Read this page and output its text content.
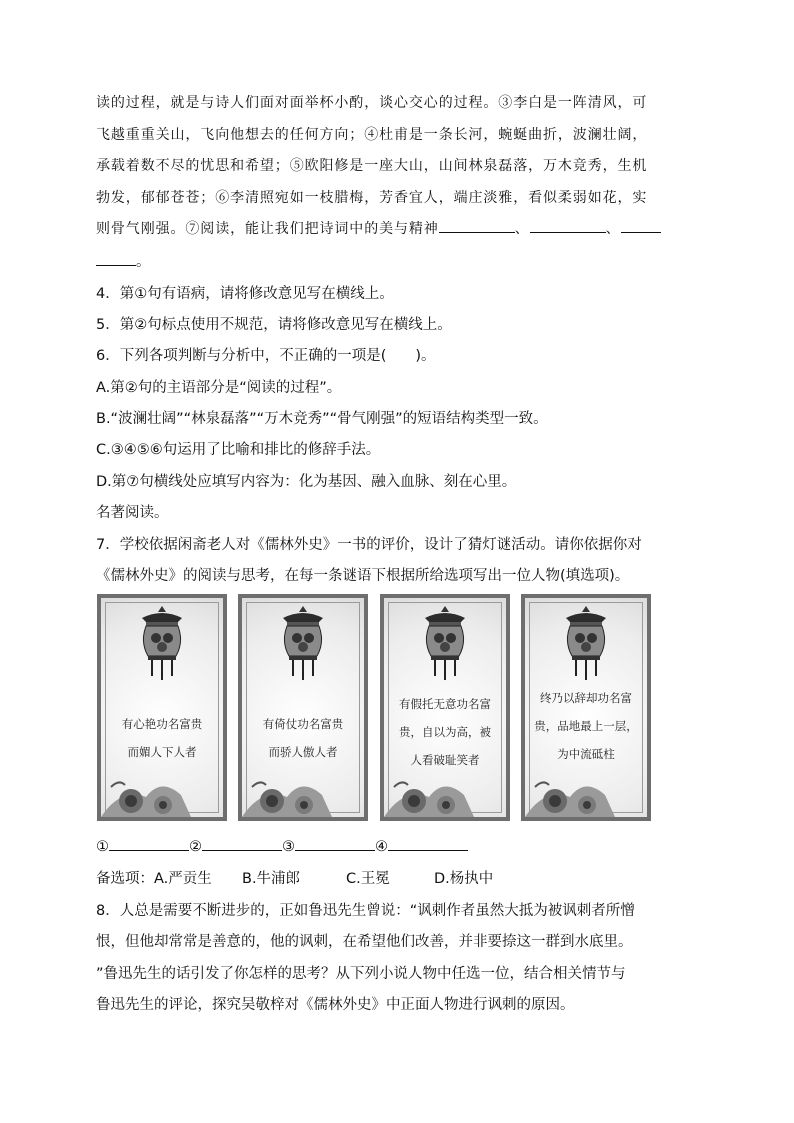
读的过程，就是与诗人们面对面举杯小酌，谈心交心的过程。③李白是一阵清风，可
飞越重重关山，飞向他想去的任何方向；④杜甫是一条长河，蜿蜒曲折，波澜壮阔，
承载着数不尽的忧思和希望；⑤欧阳修是一座大山，山间林泉磊落，万木竞秀，生机
勃发，郁郁苍苍；⑥李清照宛如一枝腊梅，芳香宜人，端庄淡雅，看似柔弱如花，实
则骨气刚强。⑦阅读，能让我们把诗词中的美与精神	、	、
。
4．第①句有语病，请将修改意见写在横线上。
5．第②句标点使用不规范，请将修改意见写在横线上。
6．下列各项判断与分析中，不正确的一项是(　　)。
A.第②句的主语部分是“阅读的过程”。
B.“波澜壮阔”“林泉磊落”“万木竞秀”“骨气刚强”的短语结构类型一致。
C.③④⑤⑥句运用了比喻和排比的修辞手法。
D.第⑦句横线处应填写内容为：化为基因、融入血脉、刻在心里。
名著阅读。
7．学校依据闲斋老人对《儒林外史》一书的评价，设计了猜灯谜活动。请你依据你对
《儒林外史》的阅读与思考，在每一条谜语下根据所给选项写出一位人物(填选项)。
有心艳功名富贵
而媚人下人者
有倚仗功名富贵
而骄人傲人者
有假托无意功名富
贵，自以为高，被
人看破耻笑者
终乃以辞却功名富
贵，品地最上一层，
为中流砥柱
①	②	③	④
备选项：A.严贡生 B.牛浦郎	C.王冕	D.杨执中
8．人总是需要不断进步的，正如鲁迅先生曾说：“讽刺作者虽然大抵为被讽刺者所憎
恨，但他却常常是善意的，他的讽刺，在希望他们改善，并非要捺这一群到水底里。
”鲁迅先生的话引发了你怎样的思考？从下列小说人物中任选一位，结合相关情节与
鲁迅先生的评论，探究吴敬梓对《儒林外史》中正面人物进行讽刺的原因。
